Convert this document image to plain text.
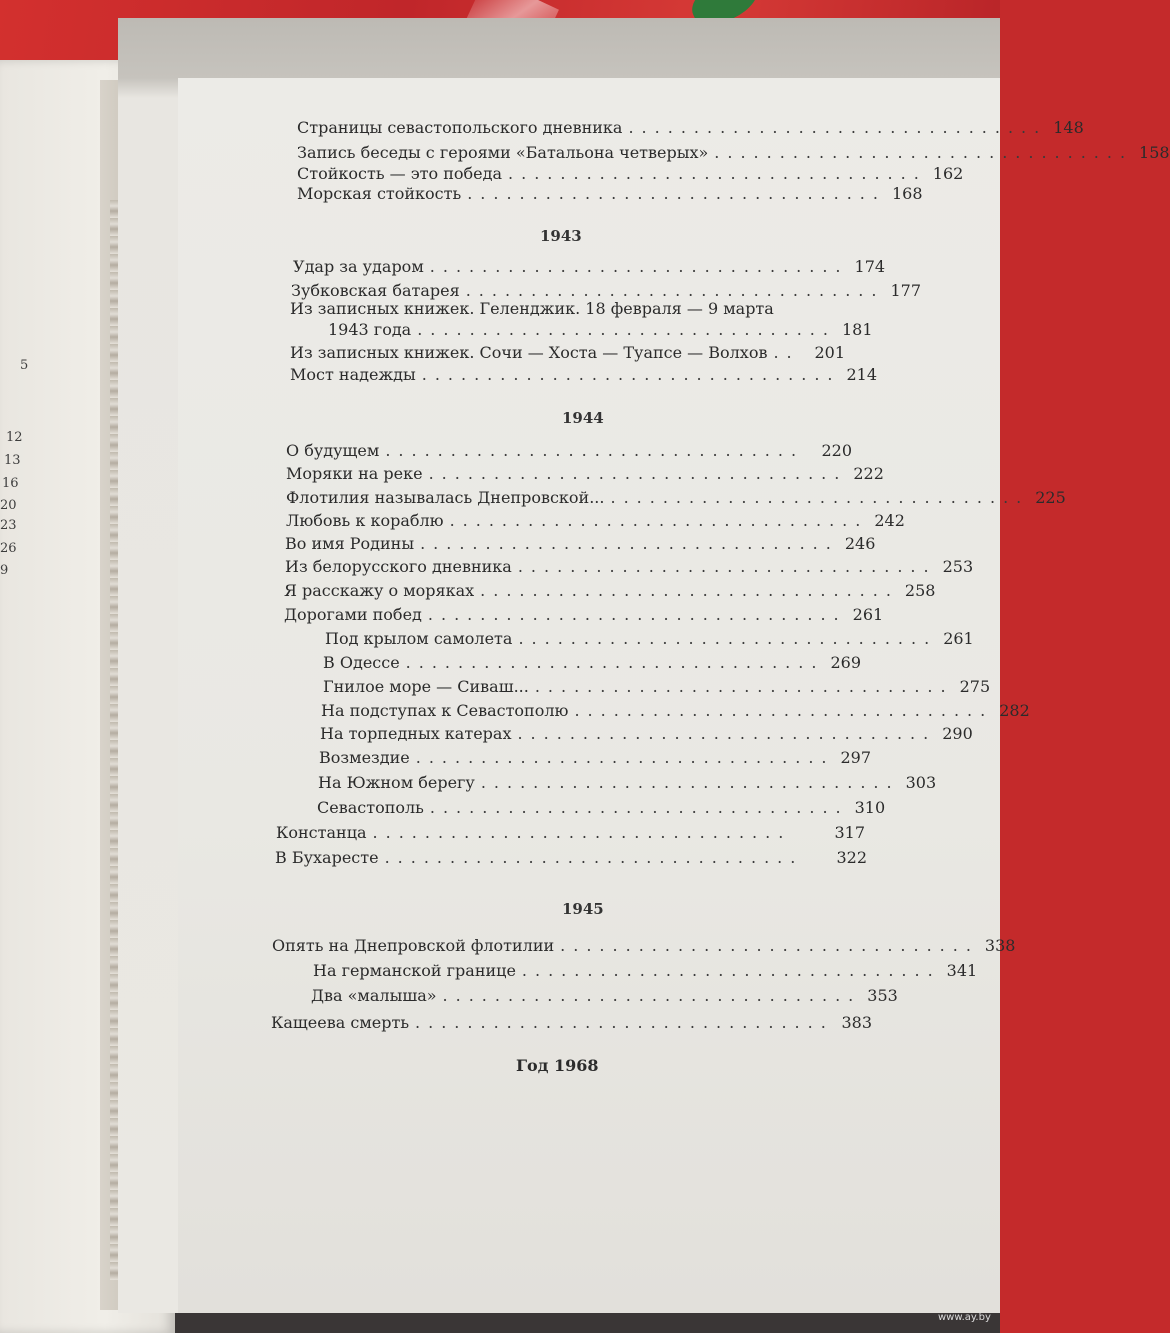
5
12
13
16
20
23
26
9
Страницы севастопольского дневника ................................ 148
Запись беседы с героями «Батальона четверых» ................................ 158
Стойкость — это победа ................................ 162
Морская стойкость ................................ 168
1943
Удар за ударом ................................ 174
Зубковская батарея ................................ 177
Из записных книжек. Геленджик. 18 февраля — 9 марта
1943 года ................................ 181
Из записных книжек. Сочи — Хоста — Туапсе — Волхов .. 201
Мост надежды ................................ 214
1944
О будущем ................................	220
Моряки на реке ................................ 222
Флотилия называлась Днепровской... ................................ 225
Любовь к кораблю ................................ 242
Во имя Родины ................................ 246
Из белорусского дневника ................................ 253
Я расскажу о моряках ................................ 258
Дорогами побед ................................ 261
Под крылом самолета ................................ 261
В Одессе ................................ 269
Гнилое море — Сиваш... ................................ 275
На подступах к Севастополю ................................ 282
На торпедных катерах ................................ 290
Возмездие ................................ 297
На Южном берегу ................................ 303
Севастополь ................................ 310
Констанца ................................	317
В Бухаресте ................................	322
1945
Опять на Днепровской флотилии ................................ 338
На германской границе ................................ 341
Два «малыша» ................................ 353
Кащеева смерть ................................ 383
Год 1968
www.ay.by
